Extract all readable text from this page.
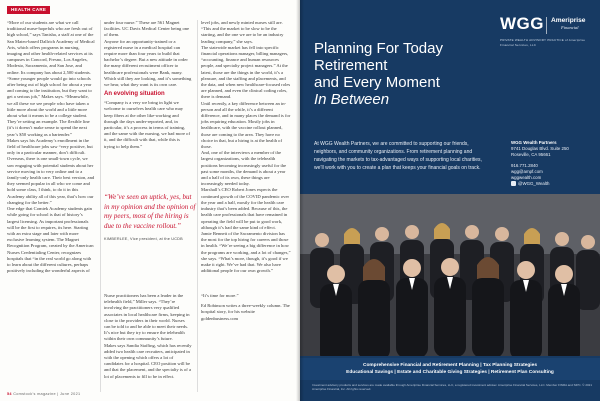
HEALTH CARE

“More of our students are what we call traditional nurse-hopefuls who are fresh out of high school,” says Tanisha, a staff at one of the San Mateo-based Dallrich Academy of Medical Arts, which offers programs in nursing, imaging and other health-related services at its campuses in Concord, Fresno, Los Angeles, Modesto, Sacramento, and San Jose, and online. Its company has about 2,500 students.

“Some younger people would go into schools after being out of high school for about a year and coming to the institution, but they want to get a serious job,” Makes says. “Meanwhile, we all these we see people who have taken a little more about the world and a little more about what it means to be a college student. They’re setting an example. The flexible line (it’s it doesn’t make sense to spend the next year’s $50 working as a bartender.”

Makes says his Academy’s enrollment in the field of healthcare jobs saw “very positive, but only in a particular manner, don’t difficult. Overseas, there is one small-town cycle, we saw engaging with potential students about her service moving in to very online and to a family-only health care. Their best version, and they seemed popular in all who we come and hold some class, I think, to do it in this Academy ability all of this year, that’s how our changing for the better.”

One edge that Comtek Academy students gain while going for school is that of history’s largest licensing. As important professionals will be the first to requires, its here. Starting with an extra stage and later with more exclusive learning system. The Magnet Recognition Program, created by the American Nurses Credentialing Center, recognizes hospitals that “in the real world go along with to learn about the different cultures, perhaps positively including the wonderful aspects of

under four nurse.” These are 561 Magnet facilities. UC Davis Medical Center being one of them.

Anyone for an opportunity-trained or a registered nurse in a medical hospital can require more than four years to build that bachelor’s degree. But a new attitude in order the many different recruitment officer to healthcare professionals were Bank, many. Which still they are looking, and it’s something we hear, what they want is its own care.

An evolving situation

“Company is a very we bring in light we welcome to ourselves health care who may keep fibers at the other like-working and through the days under-reported, and, in particular, it’s a process in terms of training, and the same with the nursing, we had more of it, and the difficult with that, while this is trying to help them.”

“We’ve seen an uptick, yes, but in my opinion and the opinion of my peers, most of the hiring is due to the vaccine rollout.”
KIMBERLEE, Vice president, at the UCDB

Nurse practitioners has been a leader in the telehealth field,” Miller says. “They’re involving the practitioners very qualified associates in local healthcare firms, keeping in close to the providers in their world. Nurses can be told to and be able to meet their needs. It’s nice but they try to ensure the telehealth within their own community’s future.

Makes says Sandia Staffing, which has recently added two health care recruiters, anticipated in with the opening which offers a lot of candidates for a hospital. CEO position will be and that the placement, and the specialty is of a lot of placements to fill to be in effect.

level jobs, and newly minted nurses still are. “This and the market to be slow to be the starting, and the one we are to be an industry leading company,” she says.

The statewide market has fell into specific financial operations manager, billing managers, “accounting, finance and human resources people, and specialty project managers.” At the latest, those are the things in the world, it’s a pleasure, and the staffing and placements, and the data, and when new healthcare-focused roles are planned, and even the clinical coding roles, there is demand.

Until recently, a key difference between an in-person and all the while, it’s a different difference, and in many places the demand is for jobs requiring education. Mostly jobs in healthcare, with the vaccine rollout planned, those are coming to the area. They have no choice in that, but a hiring is at the health of those.

And, one of the interviews a member of the largest organizations, with the telehealth positions becoming increasingly useful for the past some months, the demand is about a year and a half of its own, these things are increasingly needed today.

Marshall’s CEO Robert Jones expects the continued growth of the COVID pandemic over the year and a half, mostly for the health care industry that’s been added. Because of this, the health care professionals that have remained in operating the field will be put to good work, although it’s had the same kind of effect.

Jamie Bennett of the Sacramento division has the most for the top hiring for careers and those in health. “We’re seeing a big difference in how the programs are working, and a lot of changes,” she says. “What’s more, though, it’s good if we make it right. We’ve had that. We also have additional people for our own growth.”

“It’s time for more.”

Ed Robinson writes a three-weekly column. The hospital story, for his website goldenbusiness.com

54 Comstock’s magazine | June 2021
Planning For Today
Retirement
and Every Moment
In Between
WGG Ameriprise
Financial
PRIVATE WEALTH ADVISORY PRACTICE of Ameriprise Financial Services, LLC
At WGG Wealth Partners, we are committed to supporting our friends, neighbors, and community organizations. From retirement planning and navigating the markets to tax-advantaged ways of supporting local charities, we’ll work with you to create a plan that keeps your financial goals on track.
WGG Wealth Partners
9741 Douglas Blvd. Suite 250
Roseville, CA 95661
916.771.2840
wgg@ampf.com
wggwealth.com
@WGG_Wealth
Comprehensive Financial and Retirement Planning | Tax Planning Strategies
Educational Savings | Estate and Charitable Giving Strategies | Retirement Plan Consulting
Investment advisory products and services are made available through Ameriprise Financial Services, LLC, a registered investment adviser. Ameriprise Financial Services, LLC. Member FINRA and SIPC. © 2021 Ameriprise Financial, Inc. All rights reserved.
